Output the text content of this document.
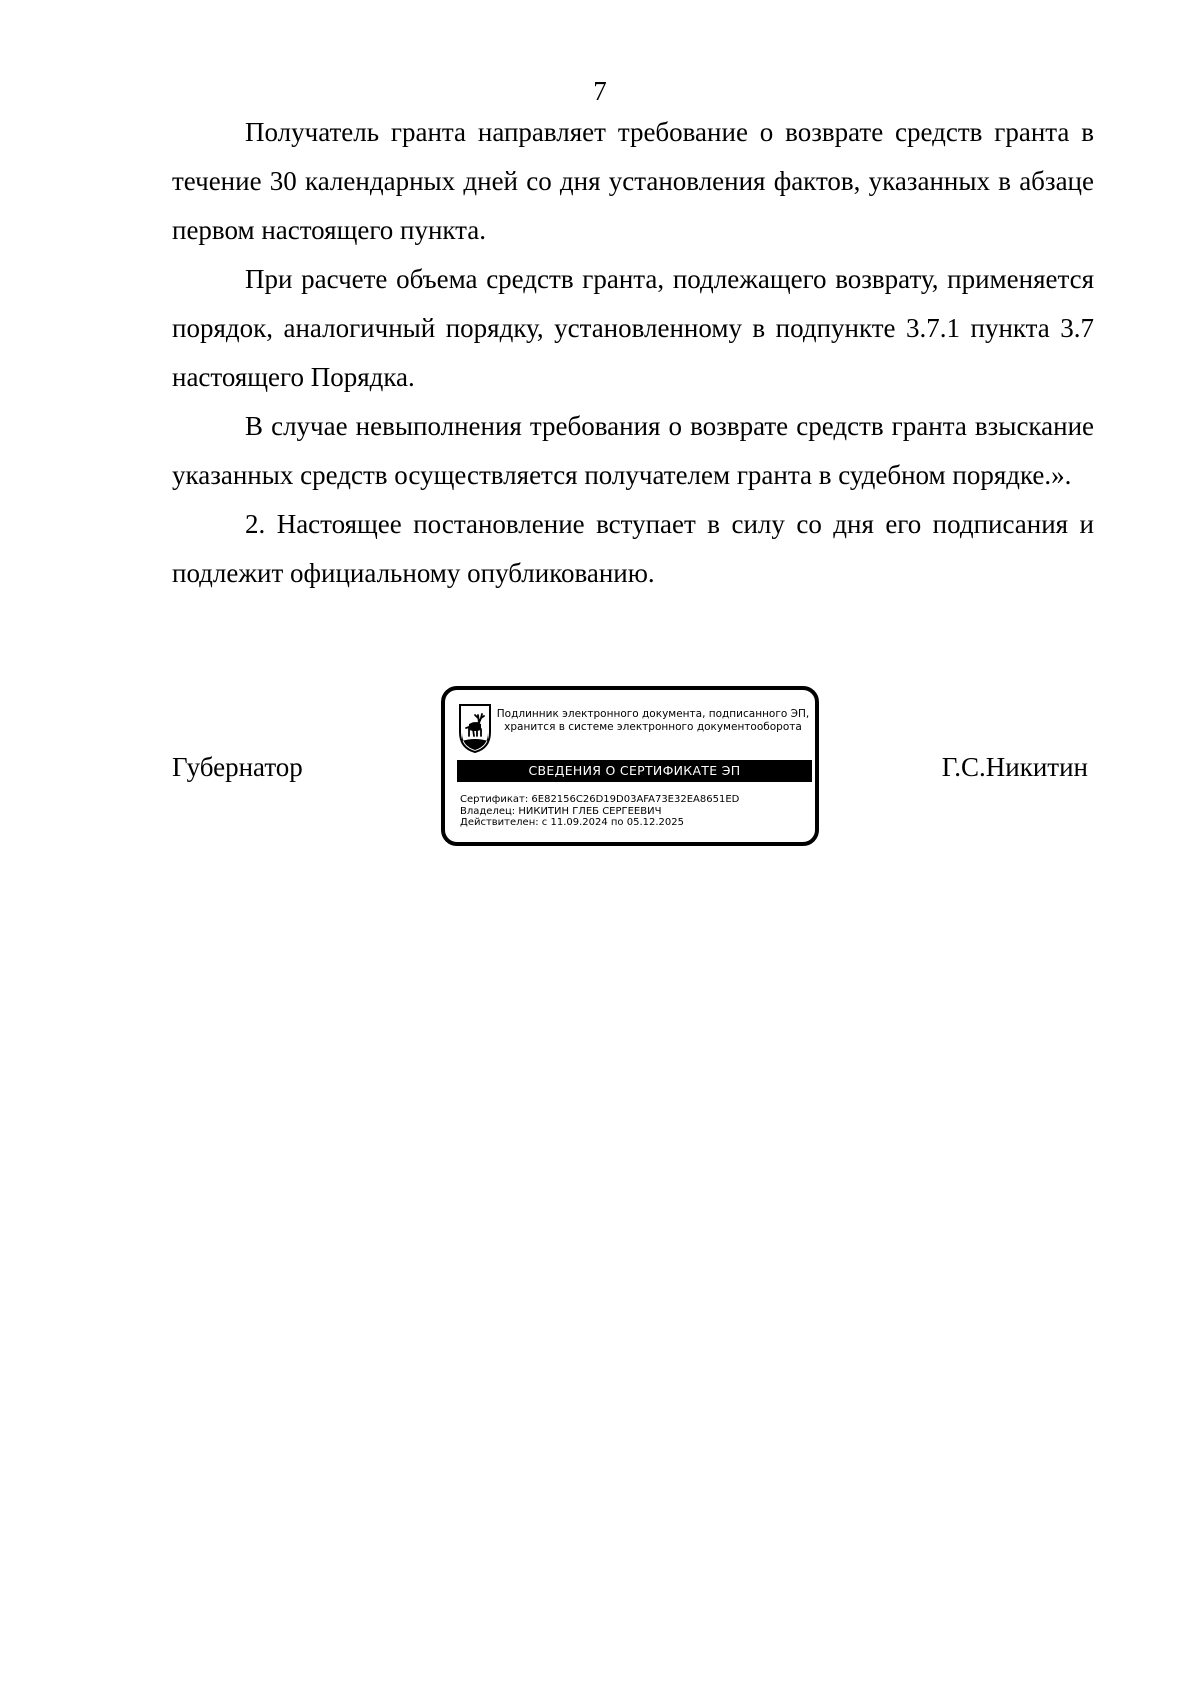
7

Получатель гранта направляет требование о возврате средств гранта в течение 30 календарных дней со дня установления фактов, указанных в абзаце первом настоящего пункта.

При расчете объема средств гранта, подлежащего возврату, применяется порядок, аналогичный порядку, установленному в подпункте 3.7.1 пункта 3.7 настоящего Порядка.

В случае невыполнения требования о возврате средств гранта взыскание указанных средств осуществляется получателем гранта в судебном порядке.».

2. Настоящее постановление вступает в силу со дня его подписания и подлежит официальному опубликованию.

Губернатор
Подлинник электронного документа, подписанного ЭП,
хранится в системе электронного документооборота
СВЕДЕНИЯ О СЕРТИФИКАТЕ ЭП
Сертификат: 6E82156C26D19D03AFA73E32EA8651ED
Владелец: НИКИТИН ГЛЕБ СЕРГЕЕВИЧ
Действителен: с 11.09.2024 по 05.12.2025
Г.С.Никитин
